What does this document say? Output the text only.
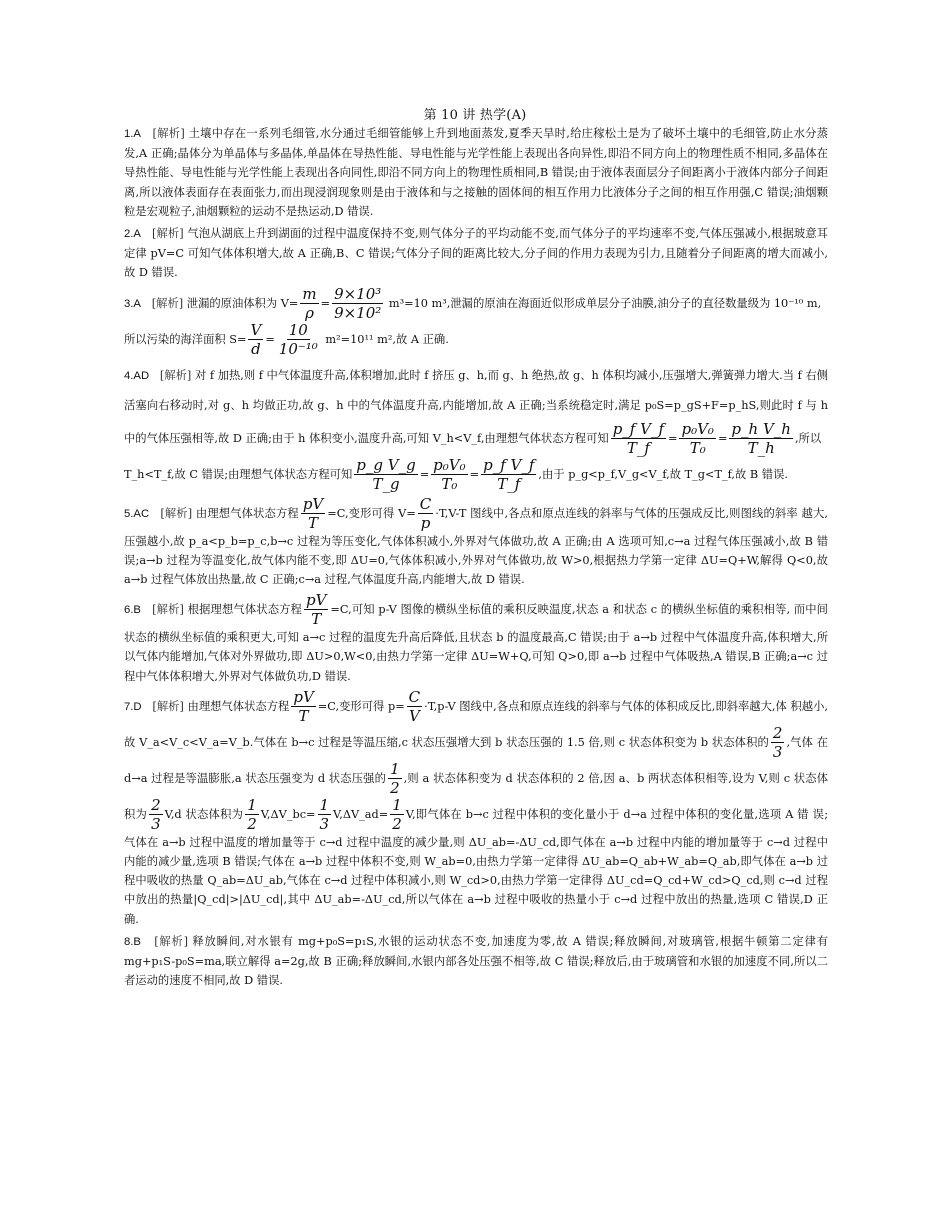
第 10 讲 热学(A)

1.A [解析] 土壤中存在一系列毛细管,水分通过毛细管能够上升到地面蒸发,夏季天旱时,给庄稼松土是为了破坏土壤中的毛细管,防止水分蒸发,A 正确;晶体分为单晶体与多晶体,单晶体在导热性能、导电性能与光学性能上表现出各向异性,即沿不同方向上的物理性质不相同,多晶体在导热性能、导电性能与光学性能上表现出各向同性,即沿不同方向上的物理性质相同,B 错误;由于液体表面层分子间距离小于液体内部分子间距离,所以液体表面存在表面张力,而出现浸润现象则是由于液体和与之接触的固体间的相互作用力比液体分子之间的相互作用强,C 错误;油烟颗粒是宏观粒子,油烟颗粒的运动不是热运动,D 错误.

2.A [解析] 气泡从湖底上升到湖面的过程中温度保持不变,则气体分子的平均动能不变,而气体分子的平均速率不变,气体压强减小,根据玻意耳定律 pV=C 可知气体体积增大,故 A 正确,B、C 错误;气体分子间的距离比较大,分子间的作用力表现为引力,且随着分子间距离的增大而减小,故 D 错误.

3.A [解析] 泄漏的原油体积为 $V= \frac{m}{\rho} = \frac{\text{9×10³}}{\text{9×10²}} m^3=10$ m³,泄漏的原油在海面近似形成单层分子油膜,油分子的直径数量级为 10⁻¹⁰ m,
所以污染的海洋面积 $S= \frac{V}{d} = \frac{10}{\text{10⁻¹⁰}} m^2=10^{11}$ m²,故 A 正确.
4.AD [解析] 对 f 加热,则 f 中气体温度升高,体积增加,此时 f 挤压 g、h,而 g、h 绝热,故 g、h 体积均减小,压强增大,弹簧弹力增大.当 f 右侧活塞向右移动时,对 g、h 均做正功,故 g、h 中的气体温度升高,内能增加,故 A 正确;当系统稳定时,满足 p₀S=p_gS+F=p_hS,则此时 f 与 h 中的气体压强相等,故 D 正确;由于 h 体积变小,温度升高,可知 V_h<V_f,由理想气体状态方程可知 $\frac{\text{p\_f V\_f}}{T\_f} = \frac{\text{p₀V₀}}{\text{T₀}} = \frac{\text{p\_h V\_h}}{T\_h}$ ,所以
T_h<T_f,故 C 错误;由理想气体状态方程可知 $\frac{\text{p\_g V\_g}}{T\_g} = \frac{\text{p₀V₀}}{\text{T₀}} = \frac{\text{p\_f V\_f}}{T\_f}$ ,由于 p_g<p_f,V_g<V_f,故 T_g<T_f,故 B 错误.
5.AC [解析] 由理想气体状态方程 $\frac{pV}{T} =C$,变形可得 $V= \frac{C}{p} \cdot T,V-T$ 图线中,各点和原点连线的斜率与气体的压强成反比,则图线的斜率 越大,压强越小,故 p_a<p_b=p_c,b→c 过程为等压变化,气体体积减小,外界对气体做功,故 A 正确;由 A 选项可知,c→a 过程气体压强减小,故 B 错误;a→b 过程为等温变化,故气体内能不变,即 ΔU=0,气体体积减小,外界对气体做功,故 W>0,根据热力学第一定律 ΔU=Q+W,解得 Q<0,故 a→b 过程气体放出热量,故 C 正确;c→a 过程,气体温度升高,内能增大,故 D 错误.
6.B [解析] 根据理想气体状态方程 $\frac{pV}{T} =C$,可知 p-V 图像的横纵坐标值的乘积反映温度,状态 a 和状态 c 的横纵坐标值的乘积相等, 而中间状态的横纵坐标值的乘积更大,可知 a→c 过程的温度先升高后降低,且状态 b 的温度最高,C 错误;由于 a→b 过程中气体温度升高,体积增大,所以气体内能增加,气体对外界做功,即 ΔU>0,W<0,由热力学第一定律 ΔU=W+Q,可知 Q>0,即 a→b 过程中气体吸热,A 错误,B 正确;a→c 过程中气体体积增大,外界对气体做负功,D 错误.
7.D [解析] 由理想气体状态方程 $\frac{pV}{T} =C$,变形可得 $p= \frac{C}{V} \cdot T,p-V$ 图线中,各点和原点连线的斜率与气体的体积成反比,即斜率越大,体 积越小,故 V_a<V_c<V_a=V_b.气体在 b→c 过程是等温压缩,c 状态压强增大到 b 状态压强的 1.5 倍,则 c 状态体积变为 b 状态体积的 $\frac{2}{3}$ ,气体 在 d→a 过程是等温膨胀,a 状态压强变为 d 状态压强的 $\frac{1}{2}$ ,则 a 状态体积变为 d 状态体积的 2 倍,因 a、b 两状态体积相等,设为 V,则 c 状态体积为 $\frac{2}{3} V,d$ 状态体积为 $\frac{1}{2}$ V,ΔV_bc= $\frac{1}{3}$ V,ΔV_ad= $\frac{1}{2} V$,即气体在 b→c 过程中体积的变化量小于 d→a 过程中体积的变化量,选项 A 错 误;气体在 a→b 过程中温度的增加量等于 c→d 过程中温度的减少量,则 ΔU_ab=-ΔU_cd,即气体在 a→b 过程中内能的增加量等于 c→d 过程中内能的减少量,选项 B 错误;气体在 a→b 过程中体积不变,则 W_ab=0,由热力学第一定律得 ΔU_ab=Q_ab+W_ab=Q_ab,即气体在 a→b 过程中吸收的热量 Q_ab=ΔU_ab,气体在 c→d 过程中体积减小,则 W_cd>0,由热力学第一定律得 ΔU_cd=Q_cd+W_cd>Q_cd,则 c→d 过程中放出的热量|Q_cd|>|ΔU_cd|,其中 ΔU_ab=-ΔU_cd,所以气体在 a→b 过程中吸收的热量小于 c→d 过程中放出的热量,选项 C 错误,D 正确.

8.B [解析] 释放瞬间,对水银有 mg+p₀S=p₁S,水银的运动状态不变,加速度为零,故 A 错误;释放瞬间,对玻璃管,根据牛顿第二定律有 mg+p₁S-p₀S=ma,联立解得 a=2g,故 B 正确;释放瞬间,水银内部各处压强不相等,故 C 错误;释放后,由于玻璃管和水银的加速度不同,所以二者运动的速度不相同,故 D 错误.
